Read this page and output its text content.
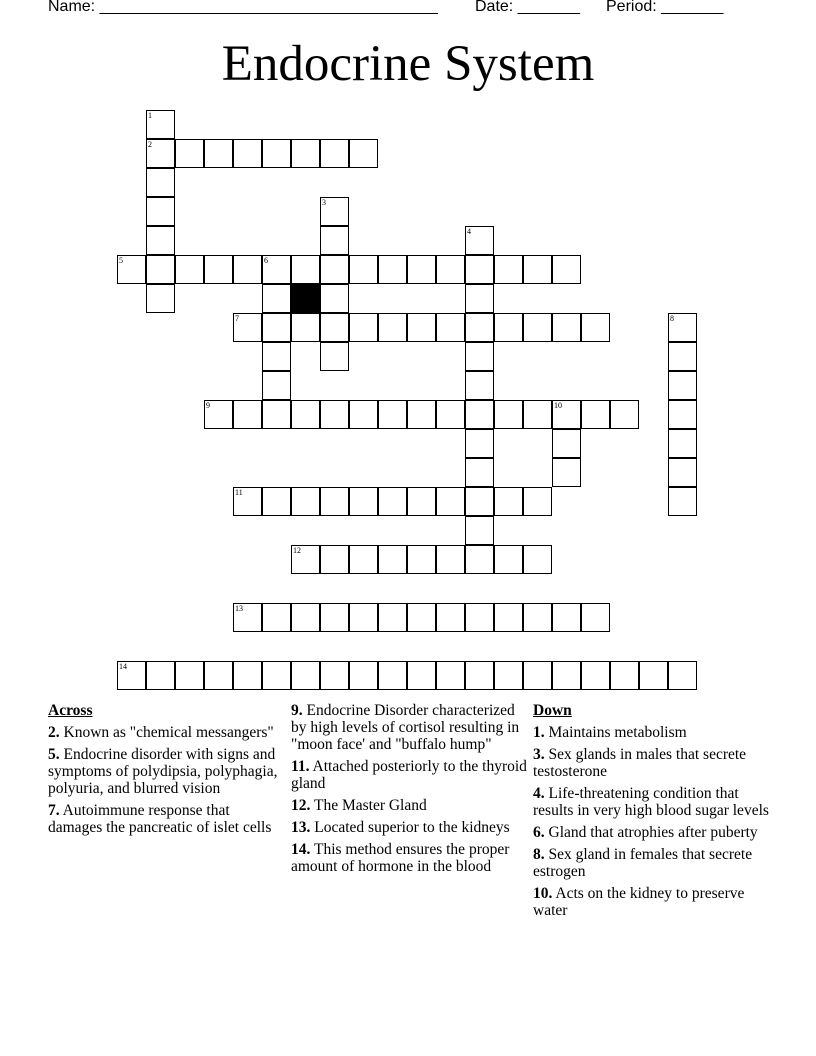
Name: ______________________________________ Date: _______ Period: _______
Endocrine System
2
5	6
7
9	10
11
12
13
14
1
3
4
8
Across
2. Known as "chemical messangers"
5. Endocrine disorder with signs and symptoms of polydipsia, polyphagia, polyuria, and blurred vision
7. Autoimmune response that damages the pancreatic of islet cells
9. Endocrine Disorder characterized by high levels of cortisol resulting in "moon face' and "buffalo hump"
11. Attached posteriorly to the thyroid gland
12. The Master Gland
13. Located superior to the kidneys
14. This method ensures the proper amount of hormone in the blood
Down
1. Maintains metabolism
3. Sex glands in males that secrete testosterone
4. Life-threatening condition that results in very high blood sugar levels
6. Gland that atrophies after puberty
8. Sex gland in females that secrete estrogen
10. Acts on the kidney to preserve water
